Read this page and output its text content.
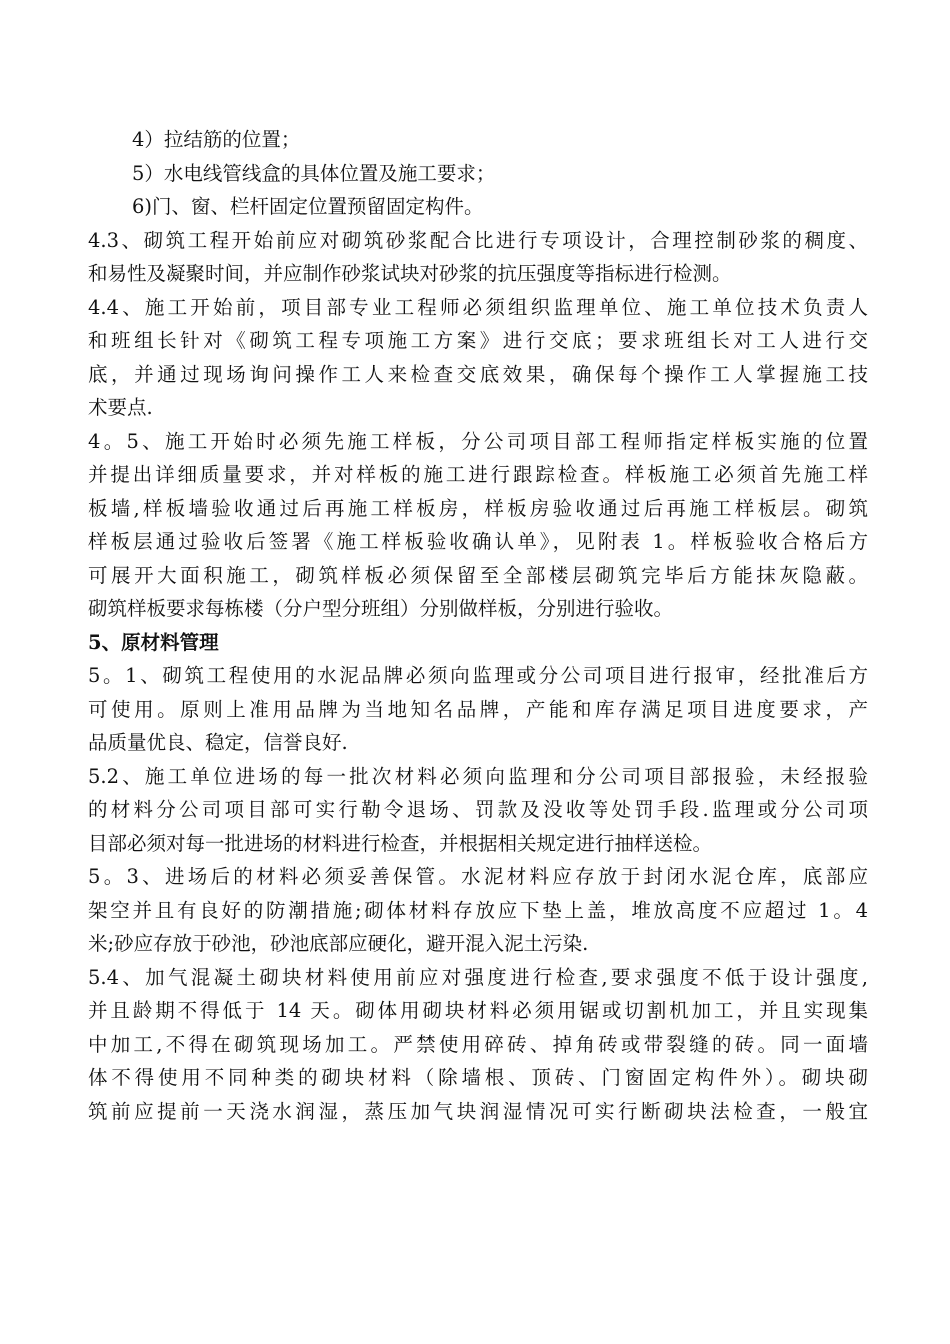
4）拉结筋的位置；
5）水电线管线盒的具体位置及施工要求；
6)门、窗、栏杆固定位置预留固定构件。
4.3、砌筑工程开始前应对砌筑砂浆配合比进行专项设计，合理控制砂浆的稠度、
和易性及凝聚时间，并应制作砂浆试块对砂浆的抗压强度等指标进行检测。
4.4、施工开始前，项目部专业工程师必须组织监理单位、施工单位技术负责人
和班组长针对《砌筑工程专项施工方案》进行交底；要求班组长对工人进行交
底，并通过现场询问操作工人来检查交底效果，确保每个操作工人掌握施工技
术要点.
4。5、施工开始时必须先施工样板，分公司项目部工程师指定样板实施的位置
并提出详细质量要求，并对样板的施工进行跟踪检查。样板施工必须首先施工样
板墙,样板墙验收通过后再施工样板房，样板房验收通过后再施工样板层。砌筑
样板层通过验收后签署《施工样板验收确认单》，见附表 1。样板验收合格后方
可展开大面积施工，砌筑样板必须保留至全部楼层砌筑完毕后方能抹灰隐蔽。
砌筑样板要求每栋楼（分户型分班组）分别做样板，分别进行验收。
5、原材料管理
5。1、砌筑工程使用的水泥品牌必须向监理或分公司项目进行报审，经批准后方
可使用。原则上准用品牌为当地知名品牌，产能和库存满足项目进度要求，产
品质量优良、稳定，信誉良好.
5.2、施工单位进场的每一批次材料必须向监理和分公司项目部报验，未经报验
的材料分公司项目部可实行勒令退场、罚款及没收等处罚手段.监理或分公司项
目部必须对每一批进场的材料进行检查，并根据相关规定进行抽样送检。
5。3、进场后的材料必须妥善保管。水泥材料应存放于封闭水泥仓库，底部应
架空并且有良好的防潮措施;砌体材料存放应下垫上盖，堆放高度不应超过 1。4
米;砂应存放于砂池，砂池底部应硬化，避开混入泥土污染.
5.4、加气混凝土砌块材料使用前应对强度进行检查,要求强度不低于设计强度,
并且龄期不得低于 14 天。砌体用砌块材料必须用锯或切割机加工，并且实现集
中加工,不得在砌筑现场加工。严禁使用碎砖、掉角砖或带裂缝的砖。同一面墙
体不得使用不同种类的砌块材料（除墙根、顶砖、门窗固定构件外）。砌块砌
筑前应提前一天浇水润湿，蒸压加气块润湿情况可实行断砌块法检查，一般宜
